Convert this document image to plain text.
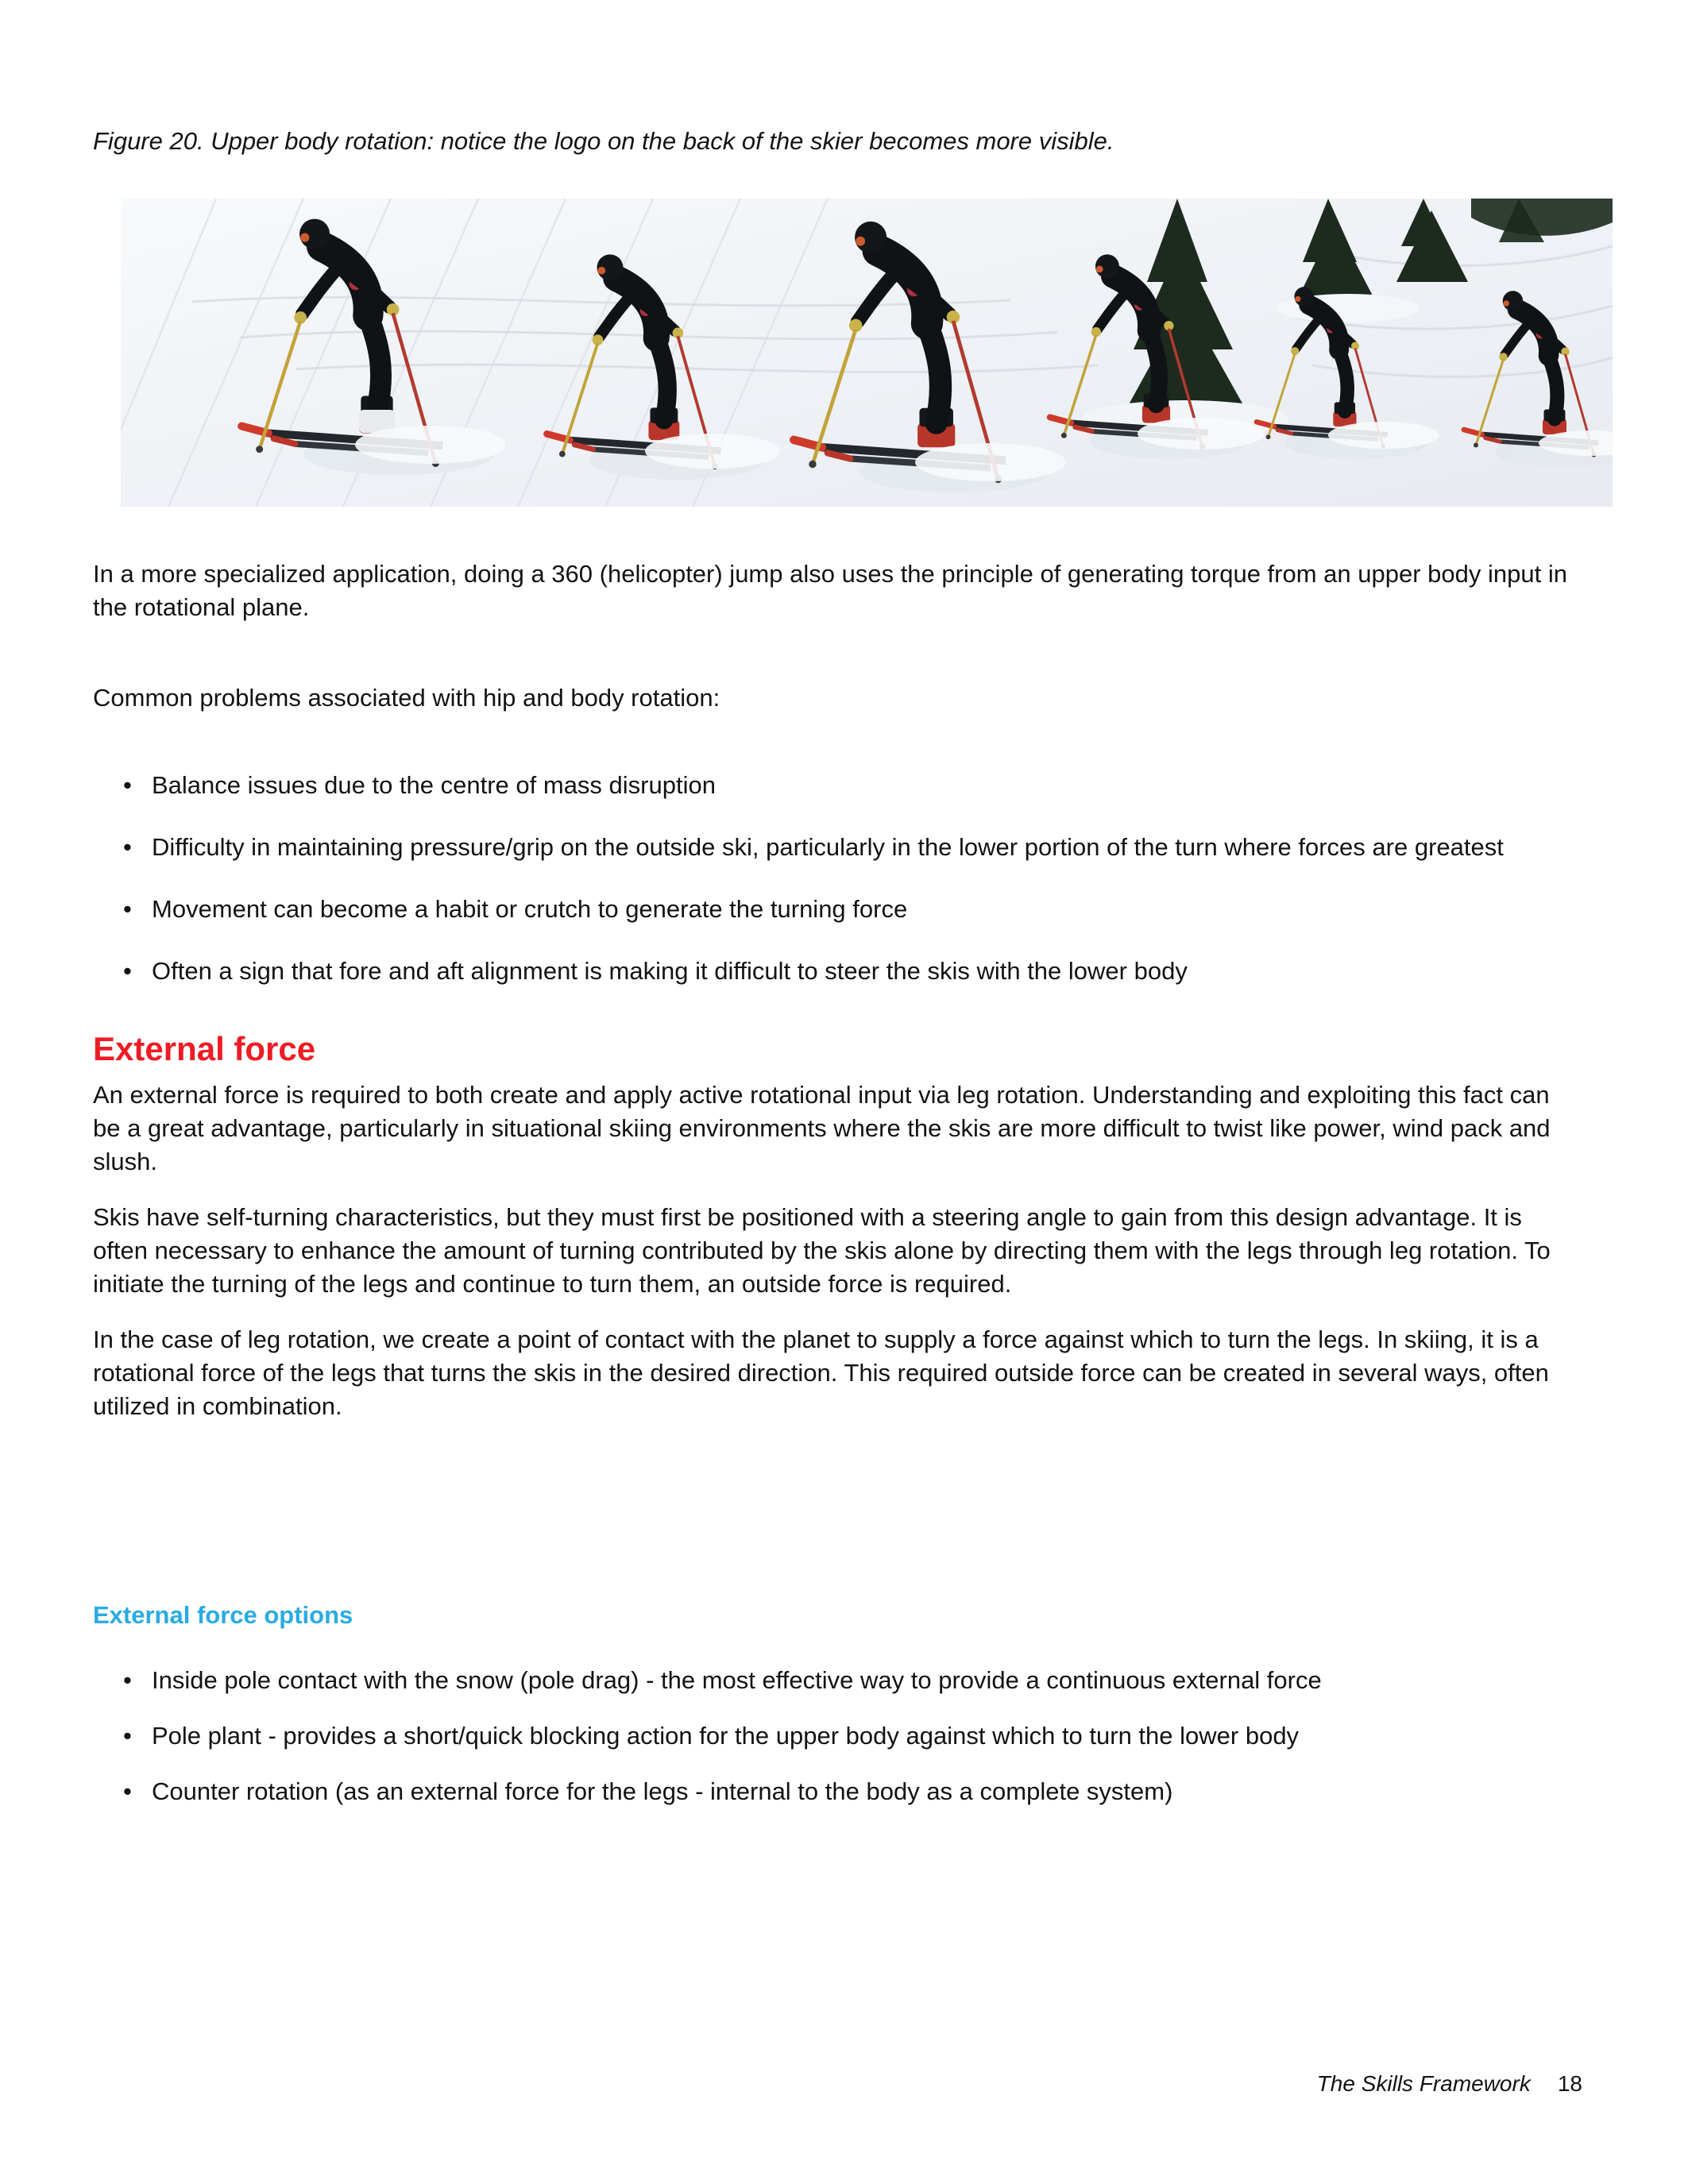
Figure 20. Upper body rotation: notice the logo on the back of the skier becomes more visible.

In a more specialized application, doing a 360 (helicopter) jump also uses the principle of generating torque from an upper body input in the rotational plane.

Common problems associated with hip and body rotation:

• Balance issues due to the centre of mass disruption
• Difficulty in maintaining pressure/grip on the outside ski, particularly in the lower portion of the turn where forces are greatest
• Movement can become a habit or crutch to generate the turning force
• Often a sign that fore and aft alignment is making it difficult to steer the skis with the lower body
External force

An external force is required to both create and apply active rotational input via leg rotation. Understanding and exploiting this fact can be a great advantage, particularly in situational skiing environments where the skis are more difficult to twist like power, wind pack and slush.

Skis have self-turning characteristics, but they must first be positioned with a steering angle to gain from this design advantage. It is often necessary to enhance the amount of turning contributed by the skis alone by directing them with the legs through leg rotation. To initiate the turning of the legs and continue to turn them, an outside force is required.

In the case of leg rotation, we create a point of contact with the planet to supply a force against which to turn the legs. In skiing, it is a rotational force of the legs that turns the skis in the desired direction. This required outside force can be created in several ways, often utilized in combination.

External force options
• Inside pole contact with the snow (pole drag) - the most effective way to provide a continuous external force
• Pole plant - provides a short/quick blocking action for the upper body against which to turn the lower body
• Counter rotation (as an external force for the legs - internal to the body as a complete system)
The Skills Framework 18
